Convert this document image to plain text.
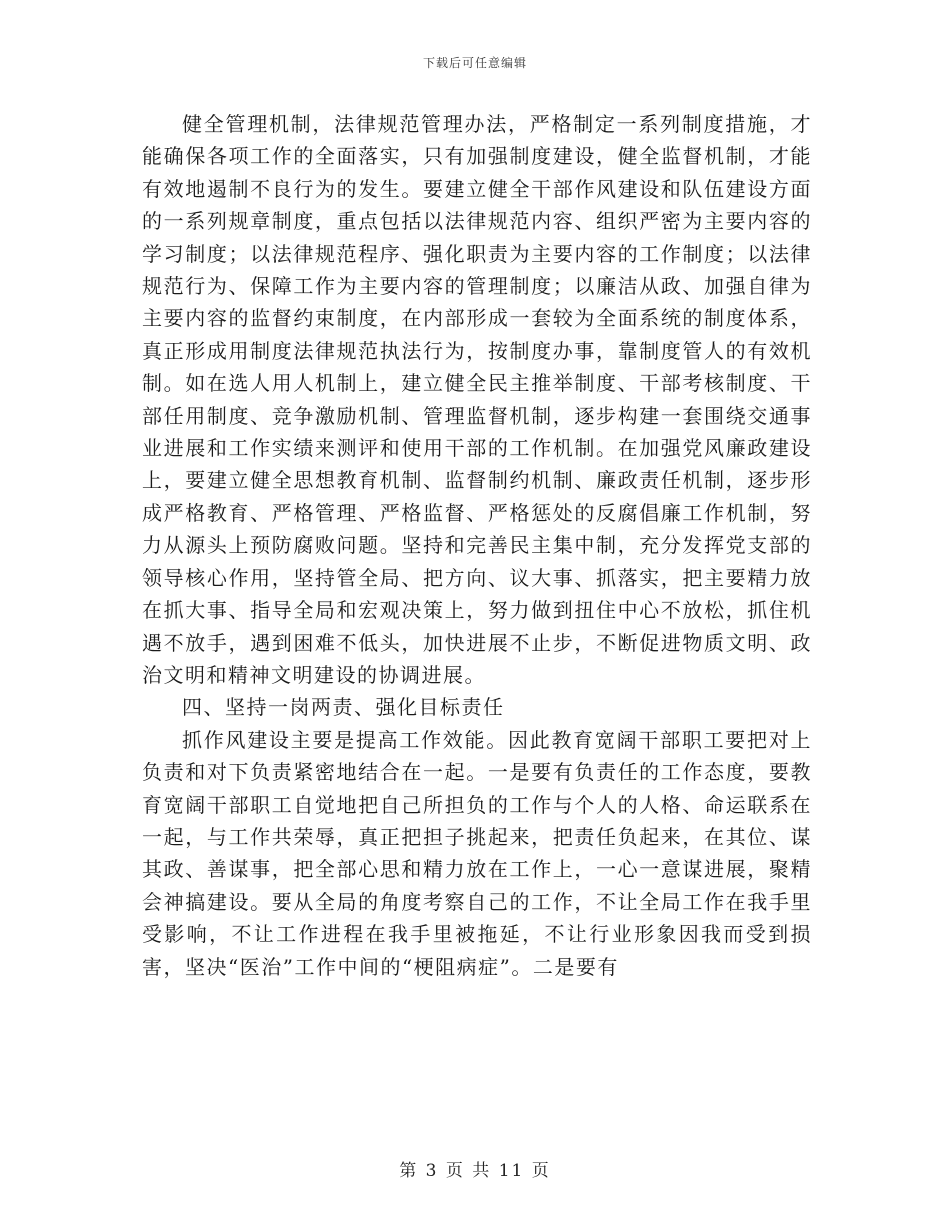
下载后可任意编辑

健全管理机制，法律规范管理办法，严格制定一系列制度措施，才能确保各项工作的全面落实，只有加强制度建设，健全监督机制，才能有效地遏制不良行为的发生。要建立健全干部作风建设和队伍建设方面的一系列规章制度，重点包括以法律规范内容、组织严密为主要内容的学习制度；以法律规范程序、强化职责为主要内容的工作制度；以法律规范行为、保障工作为主要内容的管理制度；以廉洁从政、加强自律为主要内容的监督约束制度，在内部形成一套较为全面系统的制度体系，真正形成用制度法律规范执法行为，按制度办事，靠制度管人的有效机制。如在选人用人机制上，建立健全民主推举制度、干部考核制度、干部任用制度、竞争激励机制、管理监督机制，逐步构建一套围绕交通事业进展和工作实绩来测评和使用干部的工作机制。在加强党风廉政建设上，要建立健全思想教育机制、监督制约机制、廉政责任机制，逐步形成严格教育、严格管理、严格监督、严格惩处的反腐倡廉工作机制，努力从源头上预防腐败问题。坚持和完善民主集中制，充分发挥党支部的领导核心作用，坚持管全局、把方向、议大事、抓落实，把主要精力放在抓大事、指导全局和宏观决策上，努力做到扭住中心不放松，抓住机遇不放手，遇到困难不低头，加快进展不止步，不断促进物质文明、政治文明和精神文明建设的协调进展。

四、坚持一岗两责、强化目标责任

抓作风建设主要是提高工作效能。因此教育宽阔干部职工要把对上负责和对下负责紧密地结合在一起。一是要有负责任的工作态度，要教育宽阔干部职工自觉地把自己所担负的工作与个人的人格、命运联系在一起，与工作共荣辱，真正把担子挑起来，把责任负起来，在其位、谋其政、善谋事，把全部心思和精力放在工作上，一心一意谋进展，聚精会神搞建设。要从全局的角度考察自己的工作，不让全局工作在我手里受影响，不让工作进程在我手里被拖延，不让行业形象因我而受到损害，坚决“医治”工作中间的“梗阻病症”。二是要有

第 3 页 共 11 页
